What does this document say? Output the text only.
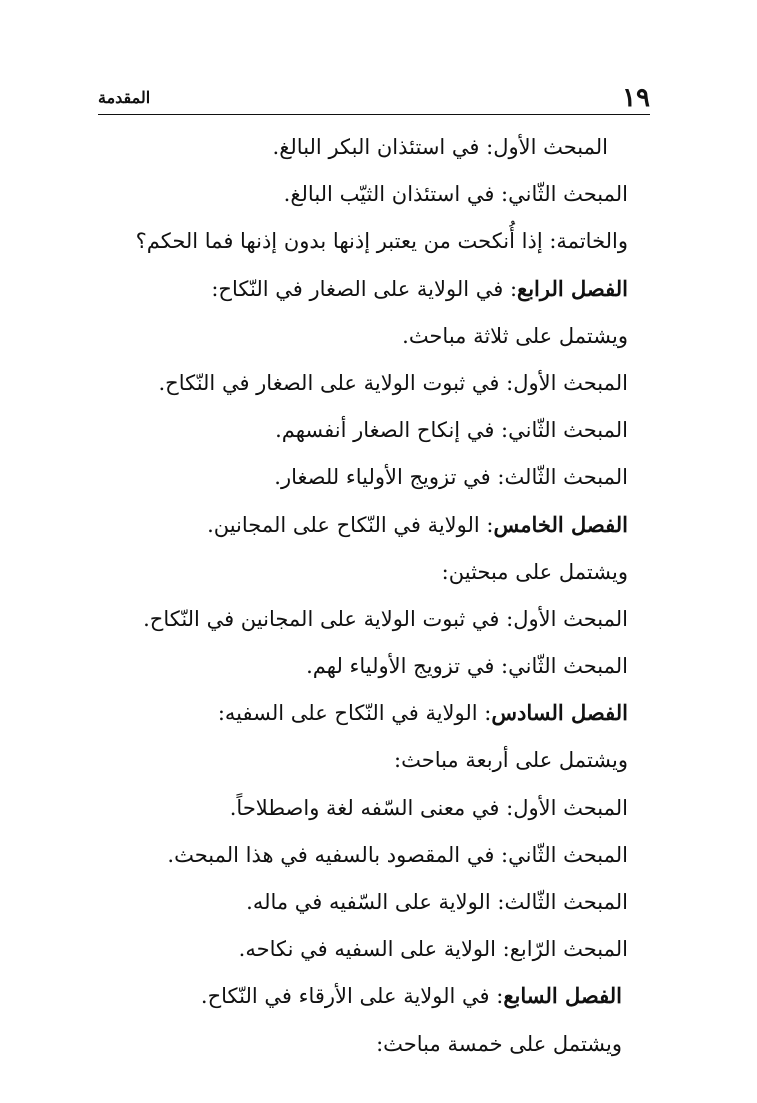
١٩
المقدمة
المبحث الأول: في استئذان البكر البالغ.
المبحث الثّاني: في استئذان الثيّب البالغ.
والخاتمة: إذا أُنكحت من يعتبر إذنها بدون إذنها فما الحكم؟
الفصل الرابع: في الولاية على الصغار في النّكاح:
ويشتمل على ثلاثة مباحث.
المبحث الأول: في ثبوت الولاية على الصغار في النّكاح.
المبحث الثّاني: في إنكاح الصغار أنفسهم.
المبحث الثّالث: في تزويج الأولياء للصغار.
الفصل الخامس: الولاية في النّكاح على المجانين.
ويشتمل على مبحثين:
المبحث الأول: في ثبوت الولاية على المجانين في النّكاح.
المبحث الثّاني: في تزويج الأولياء لهم.
الفصل السادس: الولاية في النّكاح على السفيه:
ويشتمل على أربعة مباحث:
المبحث الأول: في معنى السّفه لغة واصطلاحاً.
المبحث الثّاني: في المقصود بالسفيه في هذا المبحث.
المبحث الثّالث: الولاية على السّفيه في ماله.
المبحث الرّابع: الولاية على السفيه في نكاحه.
الفصل السابع: في الولاية على الأرقاء في النّكاح.
ويشتمل على خمسة مباحث:
